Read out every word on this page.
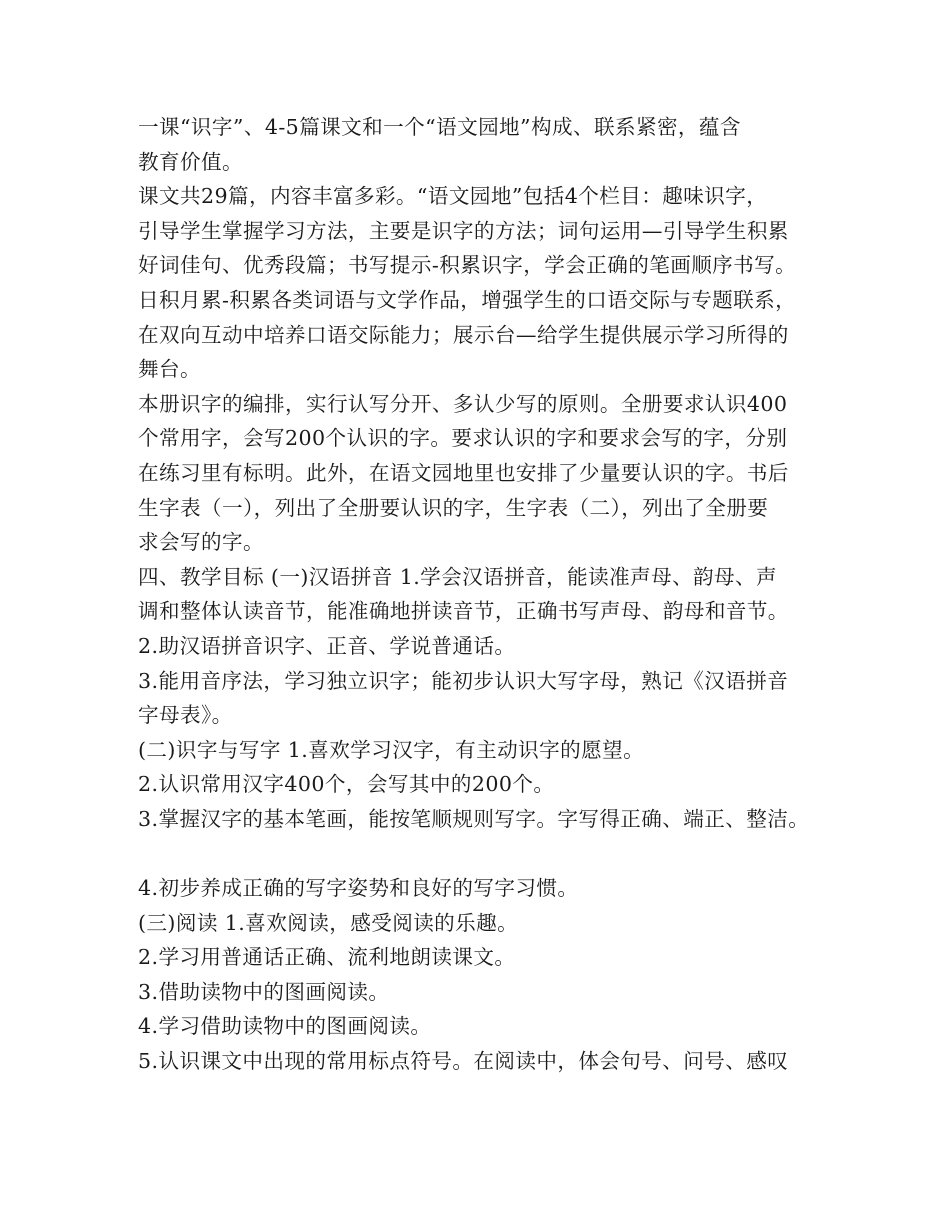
一课“识字”、4-5篇课文和一个“语文园地”构成、联系紧密，蕴含
教育价值。
课文共29篇，内容丰富多彩。“语文园地”包括4个栏目：趣味识字，
引导学生掌握学习方法，主要是识字的方法；词句运用—引导学生积累
好词佳句、优秀段篇；书写提示-积累识字，学会正确的笔画顺序书写。
日积月累-积累各类词语与文学作品，增强学生的口语交际与专题联系，
在双向互动中培养口语交际能力；展示台—给学生提供展示学习所得的
舞台。
本册识字的编排，实行认写分开、多认少写的原则。全册要求认识400
个常用字，会写200个认识的字。要求认识的字和要求会写的字，分别
在练习里有标明。此外，在语文园地里也安排了少量要认识的字。书后
生字表（一），列出了全册要认识的字，生字表（二），列出了全册要
求会写的字。
四、教学目标 (一)汉语拼音 1.学会汉语拼音，能读准声母、韵母、声
调和整体认读音节，能准确地拼读音节，正确书写声母、韵母和音节。
2.助汉语拼音识字、正音、学说普通话。
3.能用音序法，学习独立识字；能初步认识大写字母，熟记《汉语拼音
字母表》。
(二)识字与写字 1.喜欢学习汉字，有主动识字的愿望。
2.认识常用汉字400个，会写其中的200个。
3.掌握汉字的基本笔画，能按笔顺规则写字。字写得正确、端正、整洁。
4.初步养成正确的写字姿势和良好的写字习惯。
(三)阅读 1.喜欢阅读，感受阅读的乐趣。
2.学习用普通话正确、流利地朗读课文。
3.借助读物中的图画阅读。
4.学习借助读物中的图画阅读。
5.认识课文中出现的常用标点符号。在阅读中，体会句号、问号、感叹
